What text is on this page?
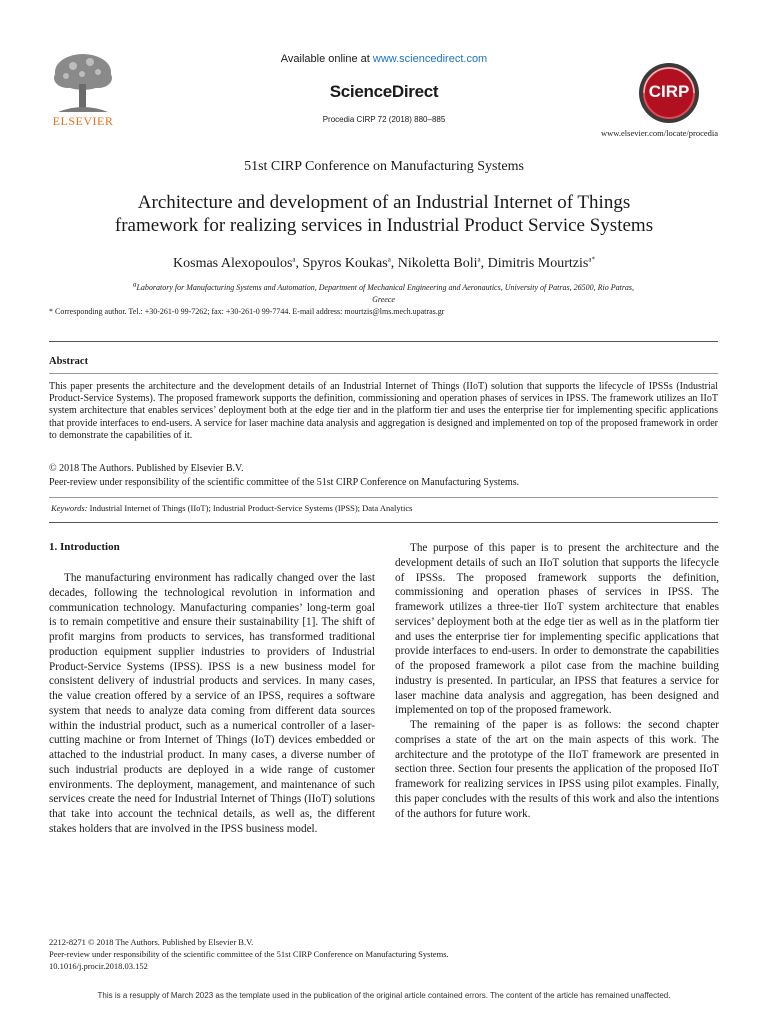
ELSEVIER
Available online at www.sciencedirect.com
ScienceDirect
Procedia CIRP 72 (2018) 880–885
CIRP
www.elsevier.com/locate/procedia
51st CIRP Conference on Manufacturing Systems
Architecture and development of an Industrial Internet of Things
framework for realizing services in Industrial Product Service Systems
Kosmas Alexopoulos$^a$, Spyros Koukas$^a$, Nikoletta Boli$^a$, Dimitris Mourtzis$^{a*}$
$^a$Laboratory for Manufacturing Systems and Automation, Department of Mechanical Engineering and Aeronautics, University of Patras, 26500, Rio Patras,
Greece
* Corresponding author. Tel.: +30-261-0 99-7262; fax: +30-261-0 99-7744. E-mail address: mourtzis@lms.mech.upatras.gr
Abstract
This paper presents the architecture and the development details of an Industrial Internet of Things (IIoT) solution that supports the lifecycle of IPSSs (Industrial Product-Service Systems). The proposed framework supports the definition, commissioning and operation phases of services in IPSS. The framework utilizes an IIoT system architecture that enables services’ deployment both at the edge tier and in the platform tier and uses the enterprise tier for implementing specific applications that provide interfaces to end-users. A service for laser machine data analysis and aggregation is designed and implemented on top of the proposed framework in order to demonstrate the capabilities of it.
© 2018 The Authors. Published by Elsevier B.V.
Peer-review under responsibility of the scientific committee of the 51st CIRP Conference on Manufacturing Systems.
Keywords: Industrial Internet of Things (IIoT); Industrial Product-Service Systems (IPSS); Data Analytics
1. Introduction

The manufacturing environment has radically changed over the last decades, following the technological revolution in information and communication technology. Manufacturing companies’ long-term goal is to remain competitive and ensure their sustainability [1]. The shift of profit margins from products to services, has transformed traditional production equipment supplier industries to providers of Industrial Product-Service Systems (IPSS). IPSS is a new business model for consistent delivery of industrial products and services. In many cases, the value creation offered by a service of an IPSS, requires a software system that needs to analyze data coming from different data sources within the industrial product, such as a numerical controller of a laser-cutting machine or from Internet of Things (IoT) devices embedded or attached to the industrial product. In many cases, a diverse number of such industrial products are deployed in a wide range of customer environments. The deployment, management, and maintenance of such services create the need for Industrial Internet of Things (IIoT) solutions that take into account the technical details, as well as, the different stakes holders that are involved in the IPSS business model.

The purpose of this paper is to present the architecture and the development details of such an IIoT solution that supports the lifecycle of IPSSs. The proposed framework supports the definition, commissioning and operation phases of services in IPSS. The framework utilizes a three-tier IIoT system architecture that enables services’ deployment both at the edge tier as well as in the platform tier and uses the enterprise tier for implementing specific applications that provide interfaces to end-users. In order to demonstrate the capabilities of the proposed framework a pilot case from the machine building industry is presented. In particular, an IPSS that features a service for laser machine data analysis and aggregation, has been designed and implemented on top of the proposed framework.

The remaining of the paper is as follows: the second chapter comprises a state of the art on the main aspects of this work. The architecture and the prototype of the IIoT framework are presented in section three. Section four presents the application of the proposed IIoT framework for realizing services in IPSS using pilot examples. Finally, this paper concludes with the results of this work and also the intentions of the authors for future work.

2212-8271 © 2018 The Authors. Published by Elsevier B.V.
Peer-review under responsibility of the scientific committee of the 51st CIRP Conference on Manufacturing Systems.
10.1016/j.procir.2018.03.152
This is a resupply of March 2023 as the template used in the publication of the original article contained errors. The content of the article has remained unaffected.
